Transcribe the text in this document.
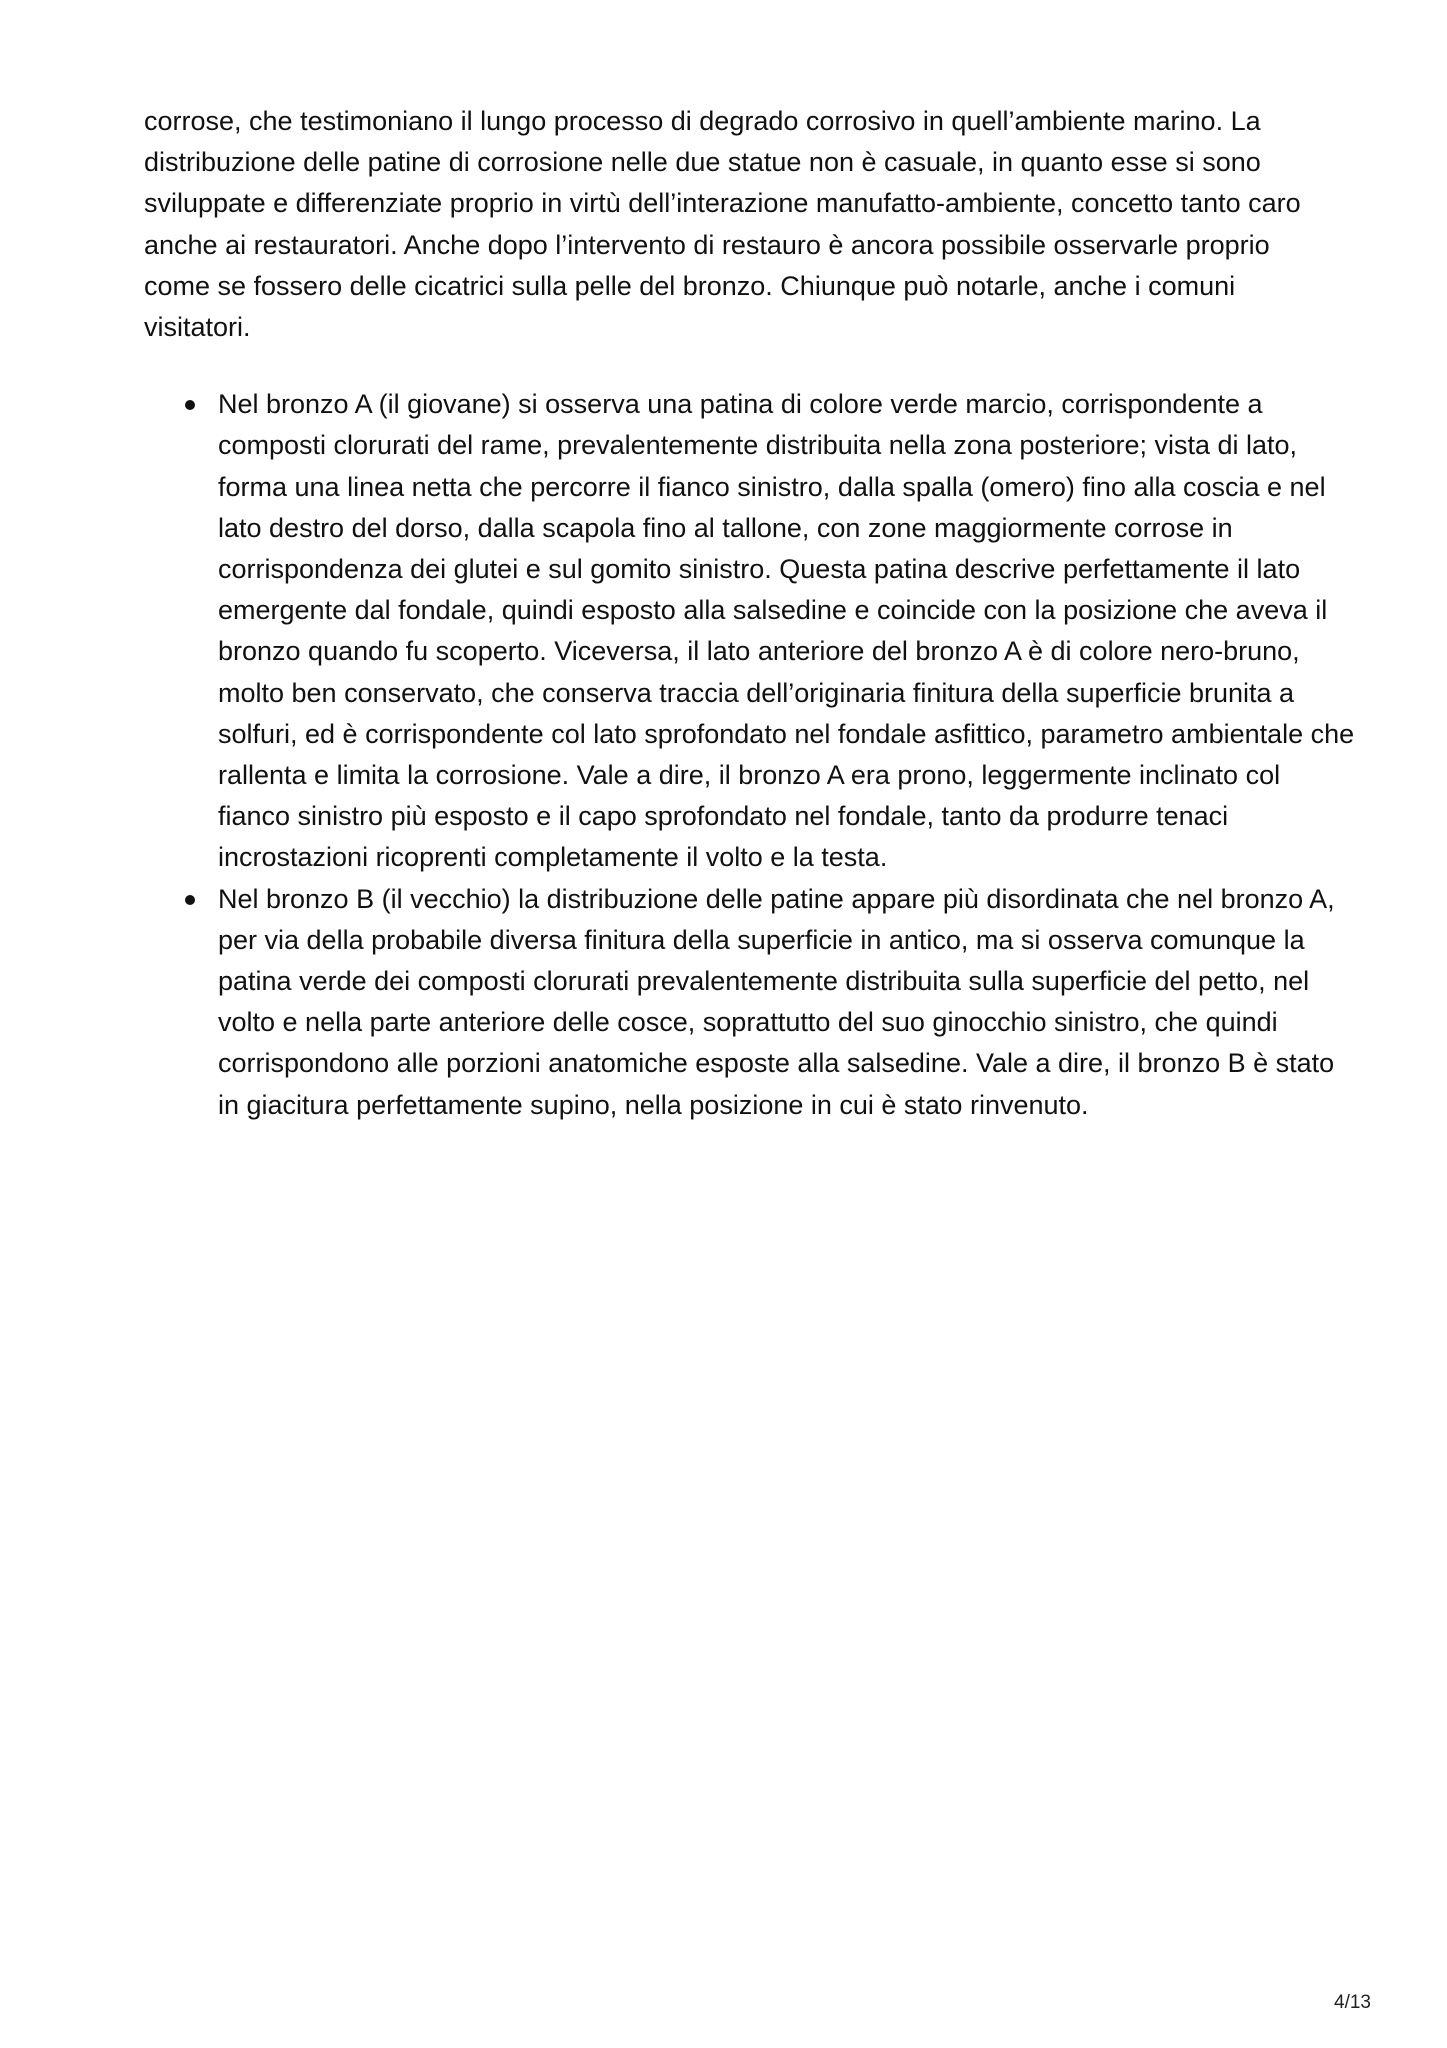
corrose, che testimoniano il lungo processo di degrado corrosivo in quell’ambiente marino. La distribuzione delle patine di corrosione nelle due statue non è casuale, in quanto esse si sono sviluppate e differenziate proprio in virtù dell’interazione manufatto-ambiente, concetto tanto caro anche ai restauratori. Anche dopo l’intervento di restauro è ancora possibile osservarle proprio come se fossero delle cicatrici sulla pelle del bronzo. Chiunque può notarle, anche i comuni visitatori.

Nel bronzo A (il giovane) si osserva una patina di colore verde marcio, corrispondente a composti clorurati del rame, prevalentemente distribuita nella zona posteriore; vista di lato, forma una linea netta che percorre il fianco sinistro, dalla spalla (omero) fino alla coscia e nel lato destro del dorso, dalla scapola fino al tallone, con zone maggiormente corrose in corrispondenza dei glutei e sul gomito sinistro. Questa patina descrive perfettamente il lato emergente dal fondale, quindi esposto alla salsedine e coincide con la posizione che aveva il bronzo quando fu scoperto. Viceversa, il lato anteriore del bronzo A è di colore nero-bruno, molto ben conservato, che conserva traccia dell’originaria finitura della superficie brunita a solfuri, ed è corrispondente col lato sprofondato nel fondale asfittico, parametro ambientale che rallenta e limita la corrosione. Vale a dire, il bronzo A era prono, leggermente inclinato col fianco sinistro più esposto e il capo sprofondato nel fondale, tanto da produrre tenaci incrostazioni ricoprenti completamente il volto e la testa.
Nel bronzo B (il vecchio) la distribuzione delle patine appare più disordinata che nel bronzo A, per via della probabile diversa finitura della superficie in antico, ma si osserva comunque la patina verde dei composti clorurati prevalentemente distribuita sulla superficie del petto, nel volto e nella parte anteriore delle cosce, soprattutto del suo ginocchio sinistro, che quindi corrispondono alle porzioni anatomiche esposte alla salsedine. Vale a dire, il bronzo B è stato in giacitura perfettamente supino, nella posizione in cui è stato rinvenuto.
4/13
